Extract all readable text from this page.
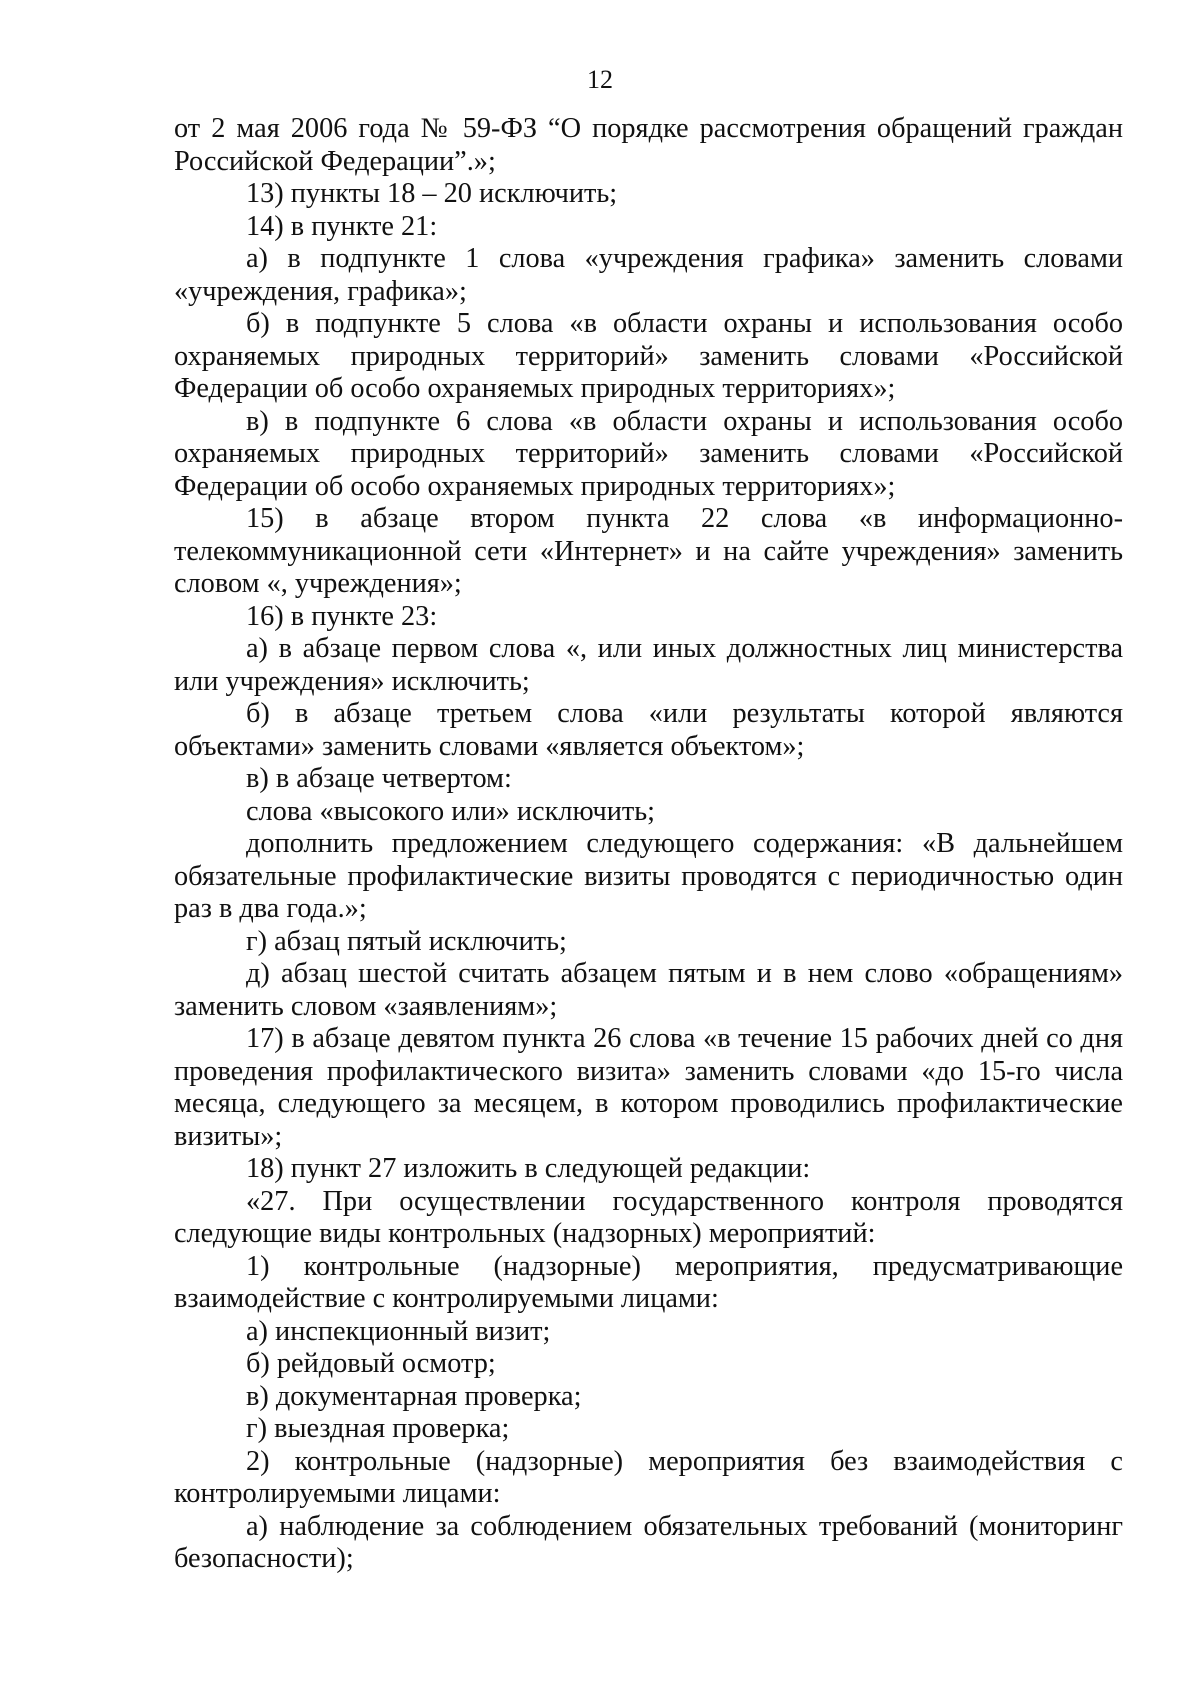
12

от 2 мая 2006 года № 59-ФЗ “О порядке рассмотрения обращений граждан Российской Федерации”.»;

13) пункты 18 – 20 исключить;

14) в пункте 21:

а) в подпункте 1 слова «учреждения графика» заменить словами «учреждения, графика»;

б) в подпункте 5 слова «в области охраны и использования особо охраняемых природных территорий» заменить словами «Российской Федерации об особо охраняемых природных территориях»;

в) в подпункте 6 слова «в области охраны и использования особо охраняемых природных территорий» заменить словами «Российской Федерации об особо охраняемых природных территориях»;

15) в абзаце втором пункта 22 слова «в информационно-телекоммуникационной сети «Интернет» и на сайте учреждения» заменить словом «, учреждения»;

16) в пункте 23:

а) в абзаце первом слова «, или иных должностных лиц министерства или учреждения» исключить;

б) в абзаце третьем слова «или результаты которой являются объектами» заменить словами «является объектом»;

в) в абзаце четвертом:

слова «высокого или» исключить;

дополнить предложением следующего содержания: «В дальнейшем обязательные профилактические визиты проводятся с периодичностью один раз в два года.»;

г) абзац пятый исключить;

д) абзац шестой считать абзацем пятым и в нем слово «обращениям» заменить словом «заявлениям»;

17) в абзаце девятом пункта 26 слова «в течение 15 рабочих дней со дня проведения профилактического визита» заменить словами «до 15-го числа месяца, следующего за месяцем, в котором проводились профилактические визиты»;

18) пункт 27 изложить в следующей редакции:

«27. При осуществлении государственного контроля проводятся следующие виды контрольных (надзорных) мероприятий:

1) контрольные (надзорные) мероприятия, предусматривающие взаимодействие с контролируемыми лицами:

а) инспекционный визит;

б) рейдовый осмотр;

в) документарная проверка;

г) выездная проверка;

2) контрольные (надзорные) мероприятия без взаимодействия с контролируемыми лицами:

а) наблюдение за соблюдением обязательных требований (мониторинг безопасности);
